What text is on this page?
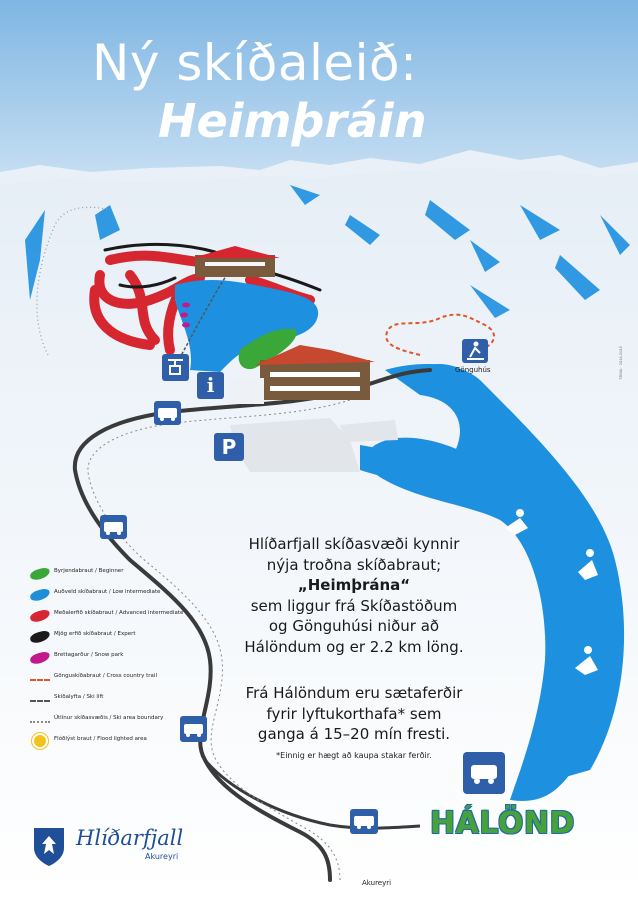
Ný skíðaleið:
Heimþráin
i
P
Gönguhús
HÁLÖND
Akureyri

Hlíðarfjall skíðasvæði kynnir

nýja troðna skíðabraut;

„Heimþrána“

sem liggur frá Skíðastöðum

og Gönguhúsi niður að

Hálöndum og er 2.2 km löng.

Frá Hálöndum eru sætaferðir

fyrir lyftukorthafa* sem

ganga á 15–20 mín fresti.

*Einnig er hægt að kaupa stakar ferðir.
Byrjendabraut / Beginner
Auðveld skíðabraut / Low intermediate
Meðalerfið skíðabraut / Advanced intermediate
Mjög erfið skíðabraut / Expert
Brettagarður / Snow park
Gönguskíðabraut / Cross country trail
Skíðalyfta / Ski lift
Útlínur skíðasvæðis / Ski area boundary
Flóðlýst braut / Flood lighted area
Hlíðarfjall
Akureyri
TBWA · 2014-2015
